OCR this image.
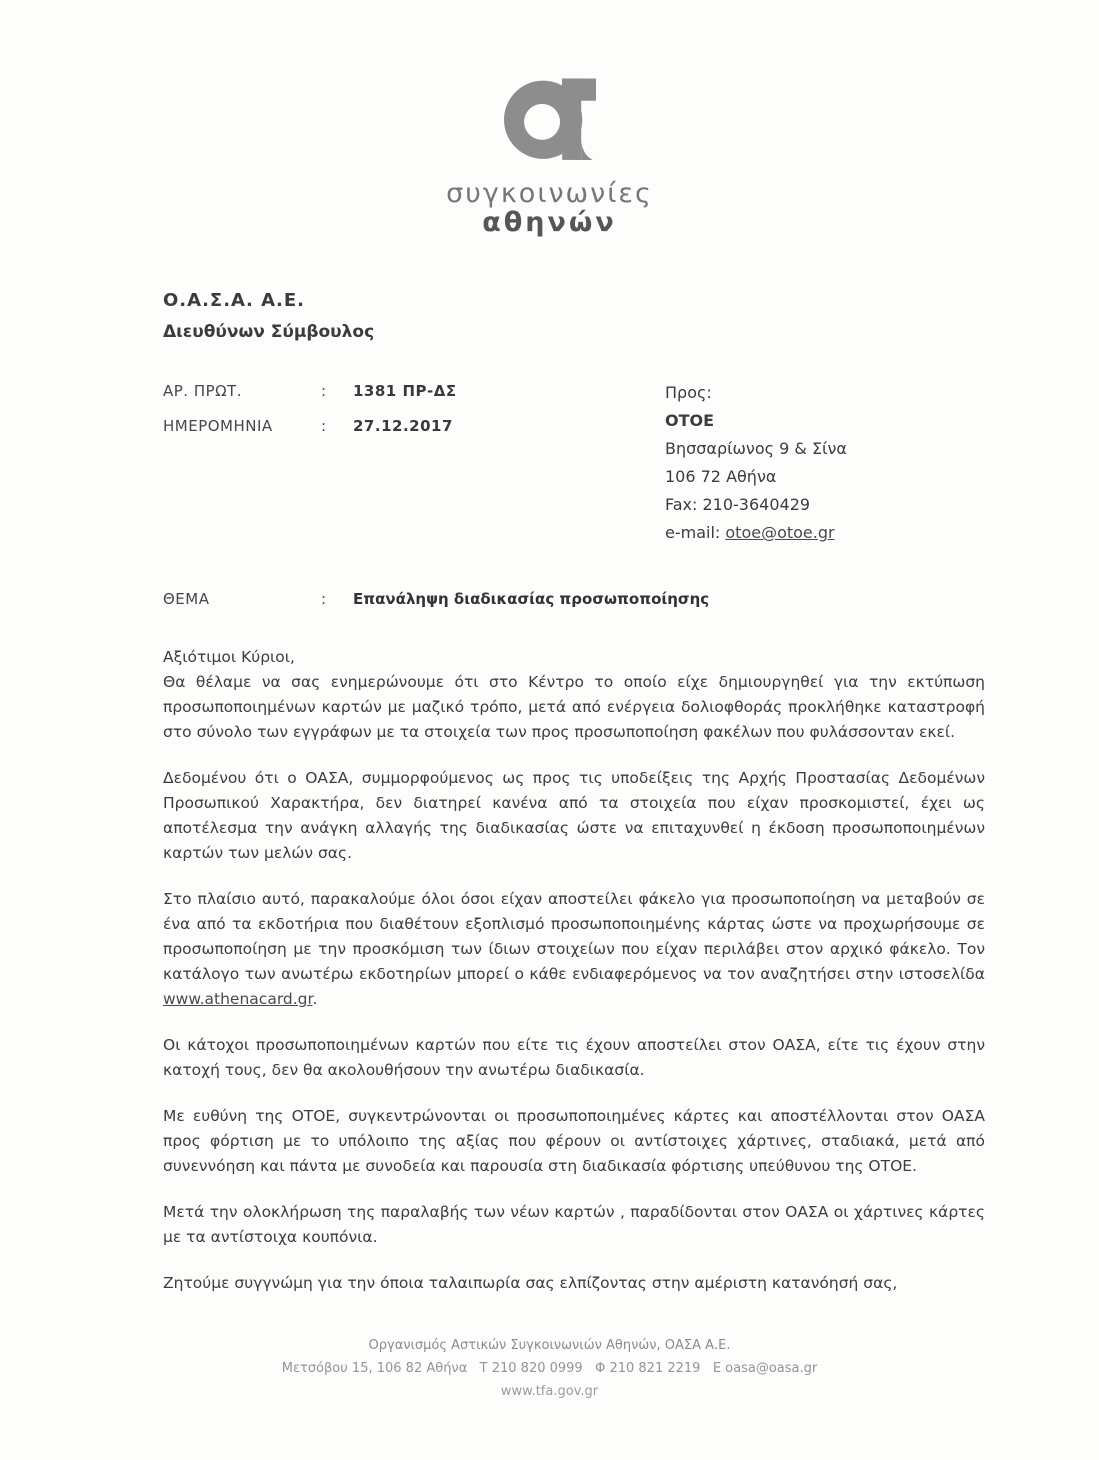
συγκοινωνίες
αθηνών
Ο.Α.Σ.Α. Α.Ε.
Διευθύνων Σύμβουλος
ΑΡ. ΠΡΩΤ.	:	1381 ΠΡ-ΔΣ
ΗΜΕΡΟΜΗΝΙΑ	:	27.12.2017
Προς:
ΟΤΟΕ
Βησσαρίωνος 9 & Σίνα
106 72 Αθήνα
Fax: 210-3640429
e-mail: otoe@otoe.gr
ΘΕΜΑ	:	Επανάληψη διαδικασίας προσωποποίησης

Αξιότιμοι Κύριοι,

Θα θέλαμε να σας ενημερώνουμε ότι στο Κέντρο το οποίο είχε δημιουργηθεί για την εκτύπωση προσωποποιημένων καρτών με μαζικό τρόπο, μετά από ενέργεια δολιοφθοράς προκλήθηκε καταστροφή στο σύνολο των εγγράφων με τα στοιχεία των προς προσωποποίηση φακέλων που φυλάσσονταν εκεί.

Δεδομένου ότι ο ΟΑΣΑ, συμμορφούμενος ως προς τις υποδείξεις της Αρχής Προστασίας Δεδομένων Προσωπικού Χαρακτήρα, δεν διατηρεί κανένα από τα στοιχεία που είχαν προσκομιστεί, έχει ως αποτέλεσμα την ανάγκη αλλαγής της διαδικασίας ώστε να επιταχυνθεί η έκδοση προσωποποιημένων καρτών των μελών σας.

Στο πλαίσιο αυτό, παρακαλούμε όλοι όσοι είχαν αποστείλει φάκελο για προσωποποίηση να μεταβούν σε ένα από τα εκδοτήρια που διαθέτουν εξοπλισμό προσωποποιημένης κάρτας ώστε να προχωρήσουμε σε προσωποποίηση με την προσκόμιση των ίδιων στοιχείων που είχαν περιλάβει στον αρχικό φάκελο. Τον κατάλογο των ανωτέρω εκδοτηρίων μπορεί ο κάθε ενδιαφερόμενος να τον αναζητήσει στην ιστοσελίδα www.athenacard.gr.

Οι κάτοχοι προσωποποιημένων καρτών που είτε τις έχουν αποστείλει στον ΟΑΣΑ, είτε τις έχουν στην κατοχή τους, δεν θα ακολουθήσουν την ανωτέρω διαδικασία.

Με ευθύνη της ΟΤΟΕ, συγκεντρώνονται οι προσωποποιημένες κάρτες και αποστέλλονται στον ΟΑΣΑ προς φόρτιση με το υπόλοιπο της αξίας που φέρουν οι αντίστοιχες χάρτινες, σταδιακά, μετά από συνεννόηση και πάντα με συνοδεία και παρουσία στη διαδικασία φόρτισης υπεύθυνου της ΟΤΟΕ.

Μετά την ολοκλήρωση της παραλαβής των νέων καρτών , παραδίδονται στον ΟΑΣΑ οι χάρτινες κάρτες με τα αντίστοιχα κουπόνια.

Ζητούμε συγγνώμη για την όποια ταλαιπωρία σας ελπίζοντας στην αμέριστη κατανόησή σας,

Οργανισμός Αστικών Συγκοινωνιών Αθηνών, ΟΑΣΑ Α.Ε.
Μετσόβου 15, 106 82 Αθήνα   Τ 210 820 0999   Φ 210 821 2219   Ε oasa@oasa.gr
www.tfa.gov.gr
